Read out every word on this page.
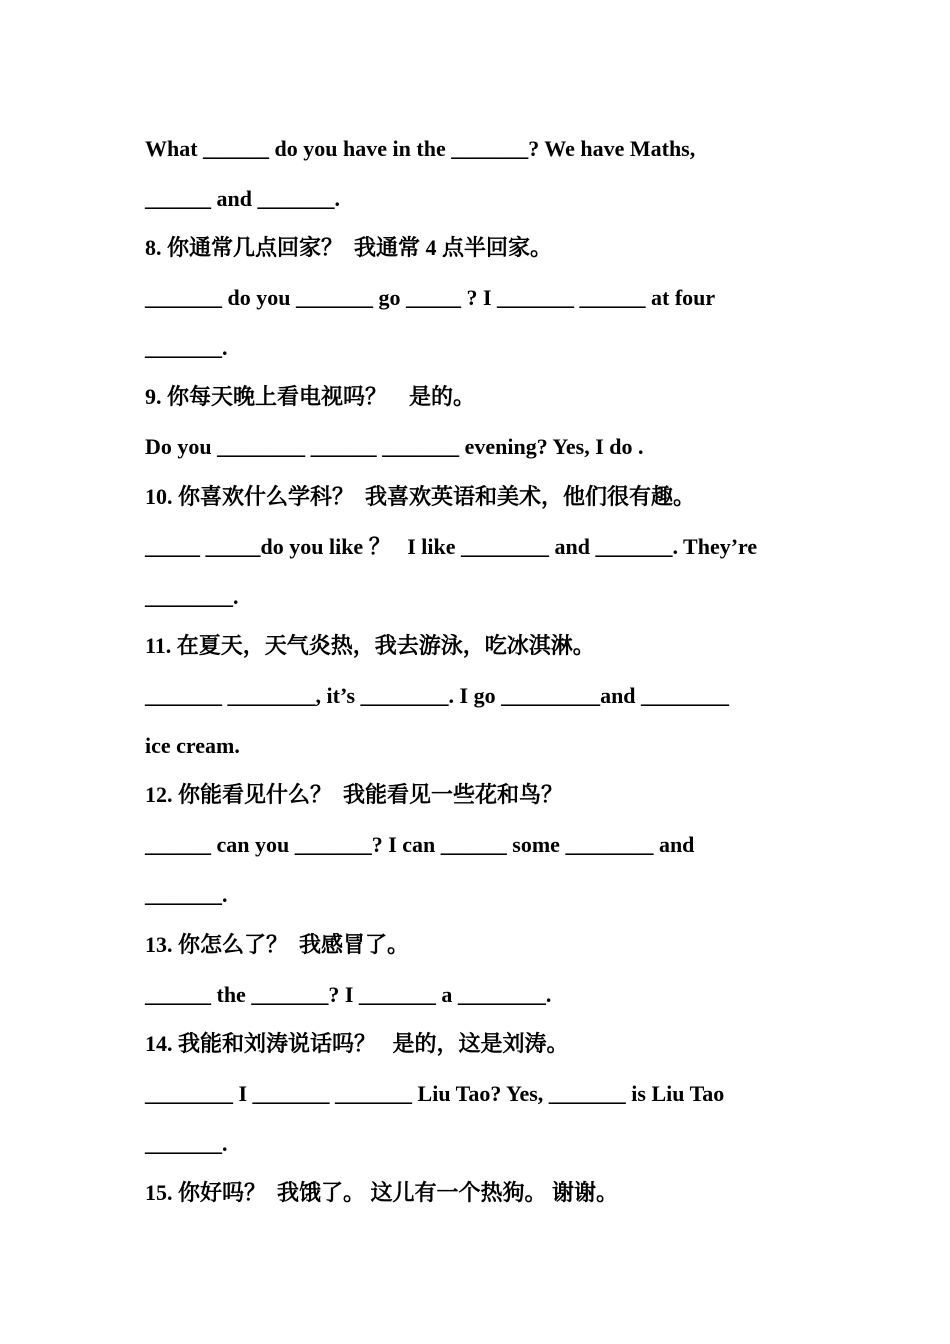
What ______ do you have in the _______? We have Maths,

______ and _______.

8. 你通常几点回家？  我通常 4 点半回家。

_______ do you _______ go _____ ? I _______ ______ at four

_______.

9. 你每天晚上看电视吗？    是的。

Do you ________ ______ _______ evening? Yes, I do .

10. 你喜欢什么学科？  我喜欢英语和美术，他们很有趣。

_____ _____do you like ？   I like ________ and _______. They’re

________.

11. 在夏天，天气炎热，我去游泳，吃冰淇淋。

_______ ________, it’s ________. I go _________and ________

ice cream.

12. 你能看见什么？  我能看见一些花和鸟？

______ can you _______? I can ______ some ________ and

_______.

13. 你怎么了？  我感冒了。

______ the _______? I _______ a ________.

14. 我能和刘涛说话吗？   是的，这是刘涛。

________ I _______ _______ Liu Tao? Yes, _______ is Liu Tao

_______.

15. 你好吗？  我饿了。 这儿有一个热狗。 谢谢。
